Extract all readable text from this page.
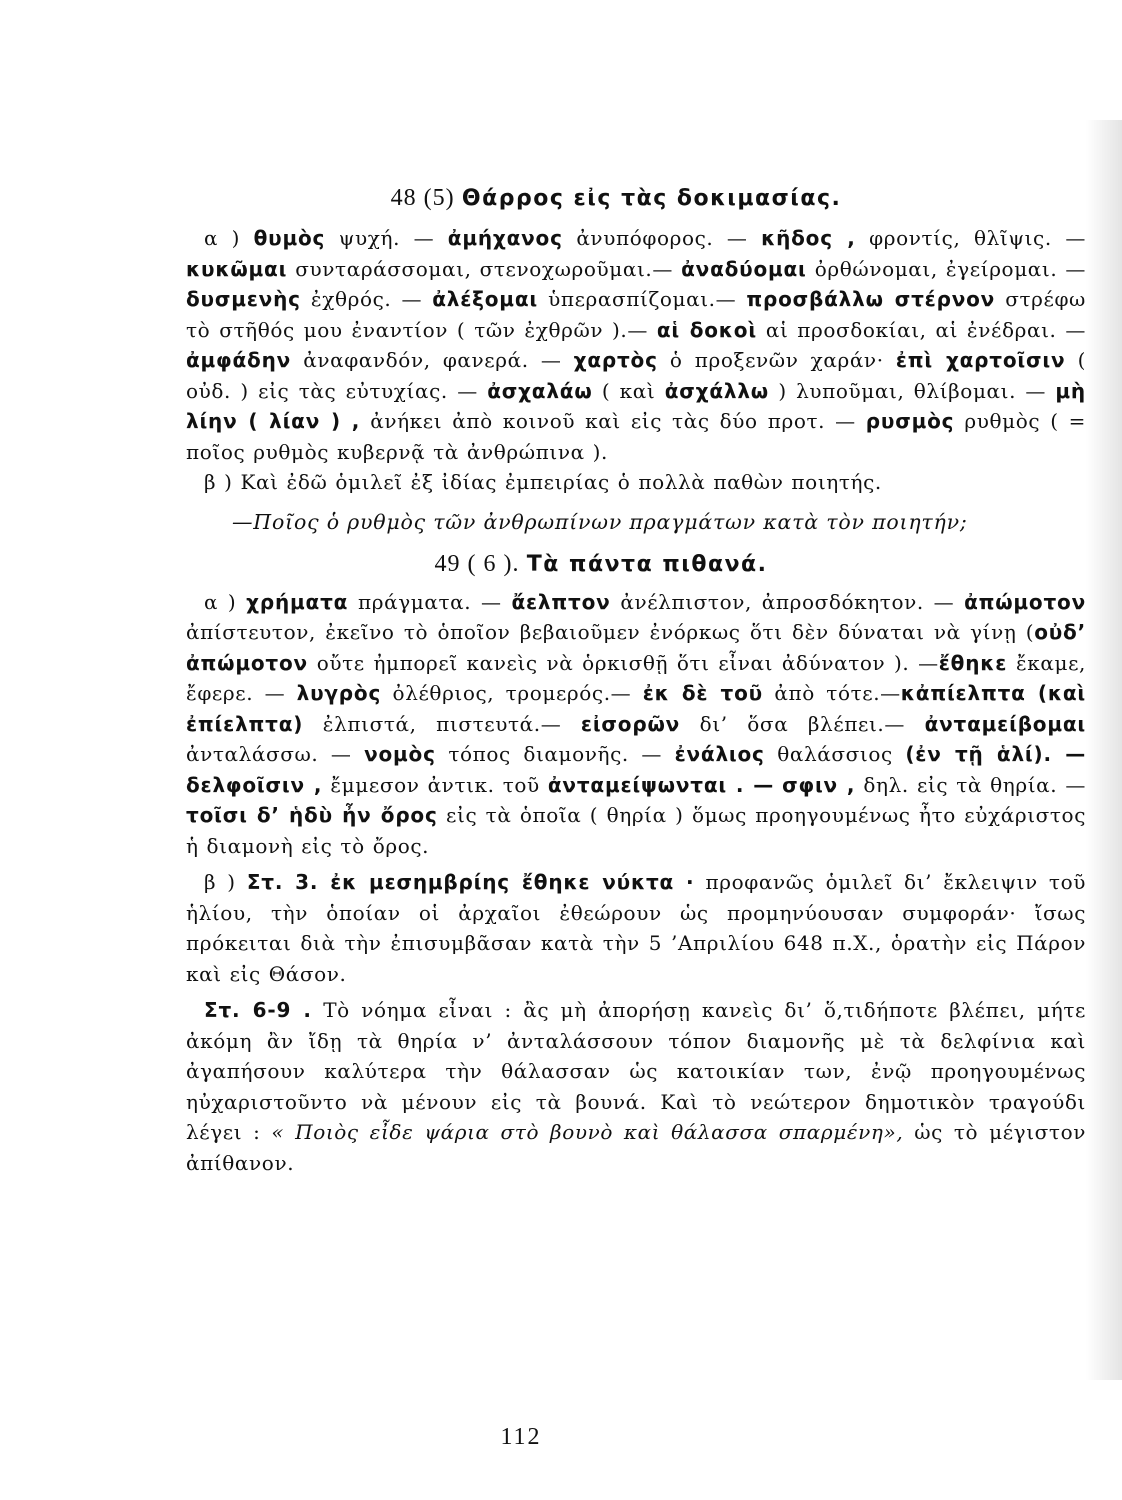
48 (5) Θάρρος εἰς τὰς δοκιμασίας.

α ) θυμὸς ψυχή. — ἀμήχανος ἀνυπόφορος. — κῆδος , φροντίς, θλῖψις. — κυκῶμαι συνταράσσομαι, στενοχωροῦμαι.— ἀναδύομαι ὀρθώνομαι, ἐγείρομαι. — δυσμενὴς ἐχθρός. — ἀλέξομαι ὑπερασπίζομαι.— προσβάλλω στέρνον στρέφω τὸ στῆθός μου ἐναντίον ( τῶν ἐχθρῶν ).— αἱ δοκοὶ αἱ προσδοκίαι, αἱ ἐνέδραι. — ἀμφάδην ἀναφανδόν, φανερά. — χαρτὸς ὁ προξενῶν χαράν· ἐπὶ χαρτοῖσιν ( οὐδ. ) εἰς τὰς εὐτυχίας. — ἀσχαλάω ( καὶ ἀσχάλλω ) λυποῦμαι, θλίβομαι. — μὴ λίην ( λίαν ) , ἀνήκει ἀπὸ κοινοῦ καὶ εἰς τὰς δύο προτ. — ρυσμὸς ρυθμὸς ( = ποῖος ρυθμὸς κυβερνᾷ τὰ ἀνθρώπινα ).

β ) Καὶ ἐδῶ ὁμιλεῖ ἐξ ἰδίας ἐμπειρίας ὁ πολλὰ παθὼν ποιητής.

—Ποῖος ὁ ρυθμὸς τῶν ἀνθρωπίνων πραγμάτων κατὰ τὸν ποιητήν;

49 ( 6 ). Τὰ πάντα πιθανά.

α ) χρήματα πράγματα. — ἄελπτον ἀνέλπιστον, ἀπροσδόκητον. — ἀπώμοτον ἀπίστευτον, ἐκεῖνο τὸ ὁποῖον βεβαιοῦμεν ἐνόρκως ὅτι δὲν δύναται νὰ γίνῃ (οὐδ’ ἀπώμοτον οὔτε ἠμπορεῖ κανεὶς νὰ ὁρκισθῇ ὅτι εἶναι ἀδύνατον ). —ἔθηκε ἔκαμε, ἔφερε. — λυγρὸς ὀλέθριος, τρομερός.— ἐκ δὲ τοῦ ἀπὸ τότε.—κἀπίελπτα (καὶ ἐπίελπτα) ἐλπιστά, πιστευτά.— εἰσορῶν δι’ ὅσα βλέπει.— ἀνταμείβομαι ἀνταλάσσω. — νομὸς τόπος διαμονῆς. — ἐνάλιος θαλάσσιος (ἐν τῇ ἁλί). — δελφοῖσιν , ἔμμεσον ἀντικ. τοῦ ἀνταμείψωνται . — σφιν , δηλ. εἰς τὰ θηρία. — τοῖσι δ’ ἡδὺ ἦν ὄρος εἰς τὰ ὁποῖα ( θηρία ) ὅμως προηγουμένως ἦτο εὐχάριστος ἡ διαμονὴ εἰς τὸ ὄρος.

β ) Στ. 3. ἐκ μεσημβρίης ἔθηκε νύκτα · προφανῶς ὁμιλεῖ δι’ ἔκλειψιν τοῦ ἡλίου, τὴν ὁποίαν οἱ ἀρχαῖοι ἐθεώρουν ὡς προμηνύουσαν συμφοράν· ἴσως πρόκειται διὰ τὴν ἐπισυμβᾶσαν κατὰ τὴν 5 ’Απριλίου 648 π.Χ., ὁρατὴν εἰς Πάρον καὶ εἰς Θάσον.

Στ. 6-9 . Τὸ νόημα εἶναι : ἂς μὴ ἀπορήσῃ κανεὶς δι’ ὅ,τιδήποτε βλέπει, μήτε ἀκόμη ἂν ἴδῃ τὰ θηρία ν’ ἀνταλάσσουν τόπον διαμονῆς μὲ τὰ δελφίνια καὶ ἀγαπήσουν καλύτερα τὴν θάλασσαν ὡς κατοικίαν των, ἐνῷ προηγουμένως ηὐχαριστοῦντο νὰ μένουν εἰς τὰ βουνά. Καὶ τὸ νεώτερον δημοτικὸν τραγούδι λέγει : « Ποιὸς εἶδε ψάρια στὸ βουνὸ καὶ θάλασσα σπαρμένη», ὡς τὸ μέγιστον ἀπίθανον.

112
